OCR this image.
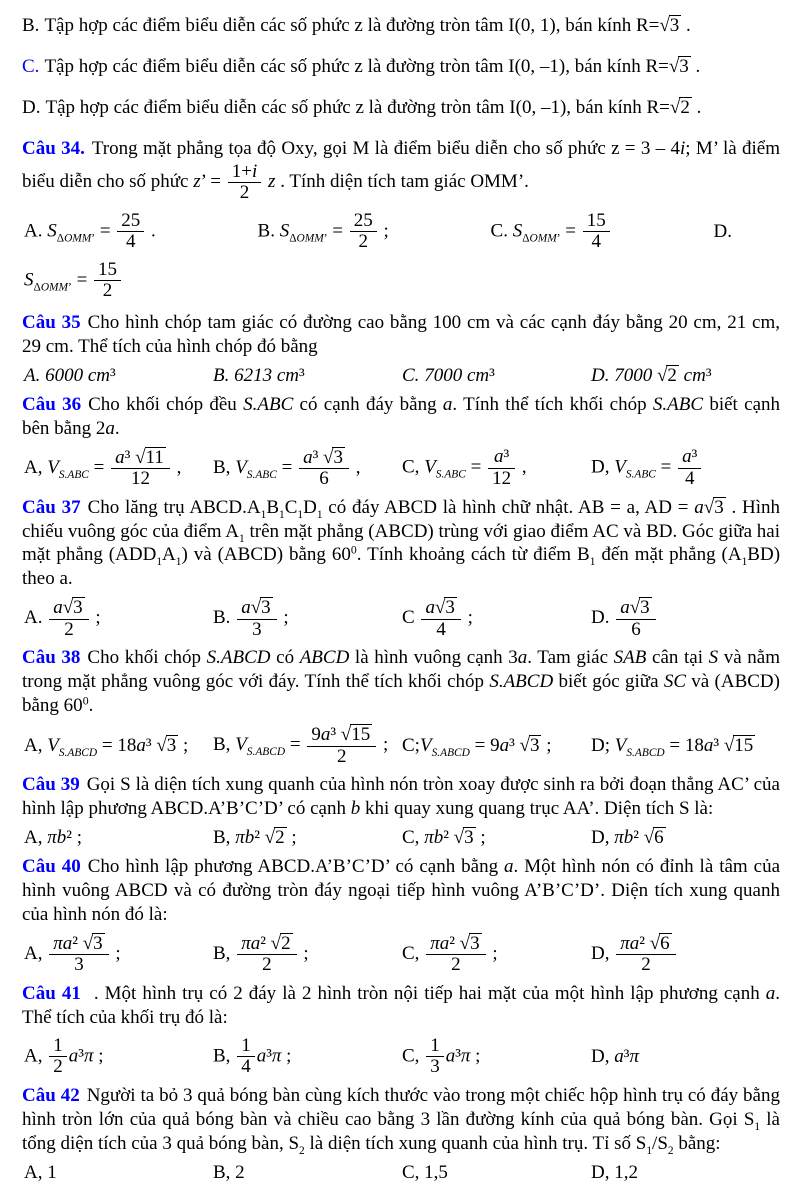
B. Tập hợp các điểm biểu diễn các số phức z là đường tròn tâm I(0, 1), bán kính R=√3 .
C. Tập hợp các điểm biểu diễn các số phức z là đường tròn tâm I(0, –1), bán kính R=√3 .
D. Tập hợp các điểm biểu diễn các số phức z là đường tròn tâm I(0, –1), bán kính R=√2 .

Câu 34. Trong mặt phẳng tọa độ Oxy, gọi M là điểm biểu diễn cho số phức z = 3 – 4i; M’ là điểm biểu diễn cho số phức z’ = $\frac{1+i}{2}$ z . Tính diện tích tam giác OMM’.

A. $S_{\Delta OMM’} = \frac{25}{4}$ .	B. $S_{\Delta OMM’} = \frac{25}{2}$ ;	C. $S_{\Delta OMM’} = \frac{15}{4}$	D.
$S_{\Delta OMM’} = \frac{15}{2}$

Câu 35 Cho hình chóp tam giác có đường cao bằng 100 cm và các cạnh đáy bằng 20 cm, 21 cm, 29 cm. Thể tích của hình chóp đó bằng

A. 6000 cm³	B. 6213 cm³	C. 7000 cm³	D. 7000 √2 cm³

Câu 36 Cho khối chóp đều S.ABC có cạnh đáy bằng a. Tính thể tích khối chóp S.ABC biết cạnh bên bằng 2a.

A, $V_{S.ABC} = \frac{\text{a³ √11}}{12}$ ,	B, $V_{S.ABC} = \frac{\text{a³ √3}}{6}$ ,	C, $V_{S.ABC} = \frac{\text{a³}}{12}$ ,	D, $V_{S.ABC} = \frac{\text{a³}}{4}$

Câu 37 Cho lăng trụ $ABCD.A_1B_1C_1D_1$ có đáy ABCD là hình chữ nhật. AB = a, AD = a√3 . Hình chiếu vuông góc của điểm $A_1$ trên mặt phẳng (ABCD) trùng với giao điểm AC và BD. Góc giữa hai mặt phẳng $(ADD_1A_1)$ và (ABCD) bằng $60^0$. Tính khoảng cách từ điểm $B_1$ đến mặt phẳng $(A_1BD)$ theo a.

A. $\frac{a√3}{2}$ ;	B. $\frac{a√3}{3}$ ;	C $\frac{a√3}{4}$ ;	D. $\frac{a√3}{6}$

Câu 38 Cho khối chóp S.ABCD có ABCD là hình vuông cạnh 3a. Tam giác SAB cân tại S và nằm trong mặt phẳng vuông góc với đáy. Tính thể tích khối chóp S.ABCD biết góc giữa SC và (ABCD) bằng $60^0$.

A, $V_{S.ABCD} = 18a^3$ √3 ;	B, $V_{S.ABCD} = \frac{\text{9a³ √15}}{2}$ ; $C;V_{S.ABCD} = 9a^3$ √3 ;	D; $V_{S.ABCD} = 18a^3$ √15

Câu 39 Gọi S là diện tích xung quanh của hình nón tròn xoay được sinh ra bởi đoạn thẳng AC’ của hình lập phương ABCD.A’B’C’D’ có cạnh b khi quay xung quang trục AA’. Diện tích S là:

A, πb² ;	B, πb² √2 ;	C, πb² √3 ;	D, πb² √6

Câu 40 Cho hình lập phương ABCD.A’B’C’D’ có cạnh bằng a. Một hình nón có đỉnh là tâm của hình vuông ABCD và có đường tròn đáy ngoại tiếp hình vuông A’B’C’D’. Diện tích xung quanh của hình nón đó là:

A, $\frac{\text{πa² √3}}{3}$ ;	B, $\frac{\text{πa² √2}}{2}$ ;	C, $\frac{\text{πa² √3}}{2}$ ;	D, $\frac{\text{πa² √6}}{2}$

Câu 41 . Một hình trụ có 2 đáy là 2 hình tròn nội tiếp hai mặt của một hình lập phương cạnh a. Thể tích của khối trụ đó là:

A, $\frac{1}{2} a^3\pi$ ;	B, $\frac{1}{4} a^3\pi$ ;	C, $\frac{1}{3} a^3\pi$ ;	D, a³π

Câu 42 Người ta bỏ 3 quả bóng bàn cùng kích thước vào trong một chiếc hộp hình trụ có đáy bằng hình tròn lớn của quả bóng bàn và chiều cao bằng 3 lần đường kính của quả bóng bàn. Gọi $S_1$ là tổng diện tích của 3 quả bóng bàn, $S_2$ là diện tích xung quanh của hình trụ. Tỉ số $S_1/S_2$ bằng:

A, 1	B, 2	C, 1,5	D, 1,2
